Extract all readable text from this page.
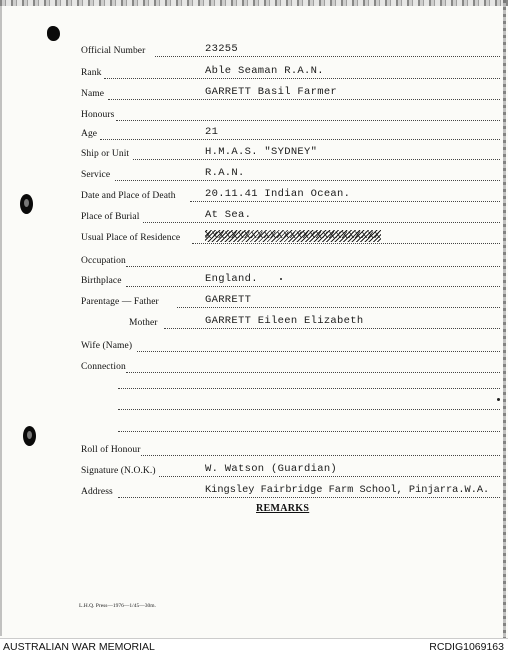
Official Number	23255
Rank	Able Seaman R.A.N.
Name	GARRETT Basil Farmer
Honours
Age	21
Ship or Unit	H.M.A.S. "SYDNEY"
Service	R.A.N.
Date and Place of Death	20.11.41 Indian Ocean.
Place of Burial	At Sea.
Usual Place of Residence XXXXXXXXXXXXXXXXXXXXXXXXXXX
Occupation
Birthplace	England.
Parentage — Father	GARRETT
Mother	GARRETT Eileen Elizabeth
Wife (Name)
Connection
Roll of Honour
Signature (N.O.K.)	W. Watson (Guardian)
Address	Kingsley Fairbridge Farm School, Pinjarra.W.A.
REMARKS
L.H.Q. Press—1976—1/45—30m.
AUSTRALIAN WAR MEMORIAL	RCDIG1069163
